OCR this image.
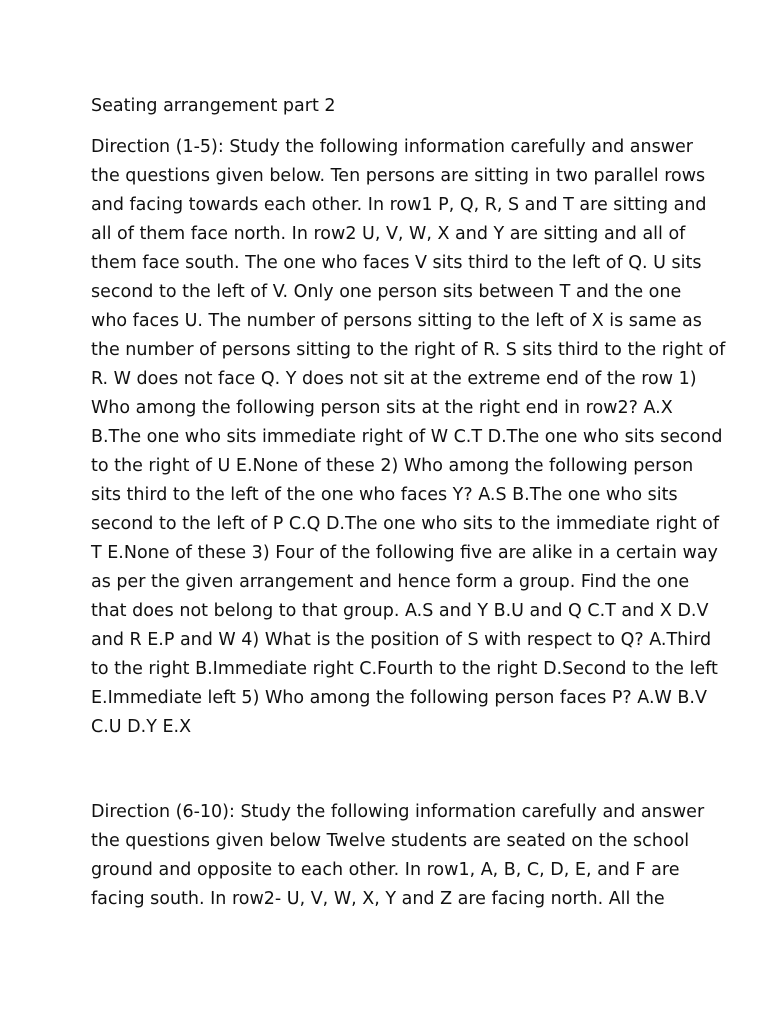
Seating arrangement part 2

Direction (1-5): Study the following information carefully and answer
the questions given below. Ten persons are sitting in two parallel rows
and facing towards each other. In row1 P, Q, R, S and T are sitting and
all of them face north. In row2 U, V, W, X and Y are sitting and all of
them face south. The one who faces V sits third to the left of Q. U sits
second to the left of V. Only one person sits between T and the one
who faces U. The number of persons sitting to the left of X is same as
the number of persons sitting to the right of R. S sits third to the right of
R. W does not face Q. Y does not sit at the extreme end of the row 1)
Who among the following person sits at the right end in row2? A.X
B.The one who sits immediate right of W C.T D.The one who sits second
to the right of U E.None of these 2) Who among the following person
sits third to the left of the one who faces Y? A.S B.The one who sits
second to the left of P C.Q D.The one who sits to the immediate right of
T E.None of these 3) Four of the following five are alike in a certain way
as per the given arrangement and hence form a group. Find the one
that does not belong to that group. A.S and Y B.U and Q C.T and X D.V
and R E.P and W 4) What is the position of S with respect to Q? A.Third
to the right B.Immediate right C.Fourth to the right D.Second to the left
E.Immediate left 5) Who among the following person faces P? A.W B.V
C.U D.Y E.X

Direction (6-10): Study the following information carefully and answer
the questions given below Twelve students are seated on the school
ground and opposite to each other. In row1, A, B, C, D, E, and F are
facing south. In row2- U, V, W, X, Y and Z are facing north. All the
